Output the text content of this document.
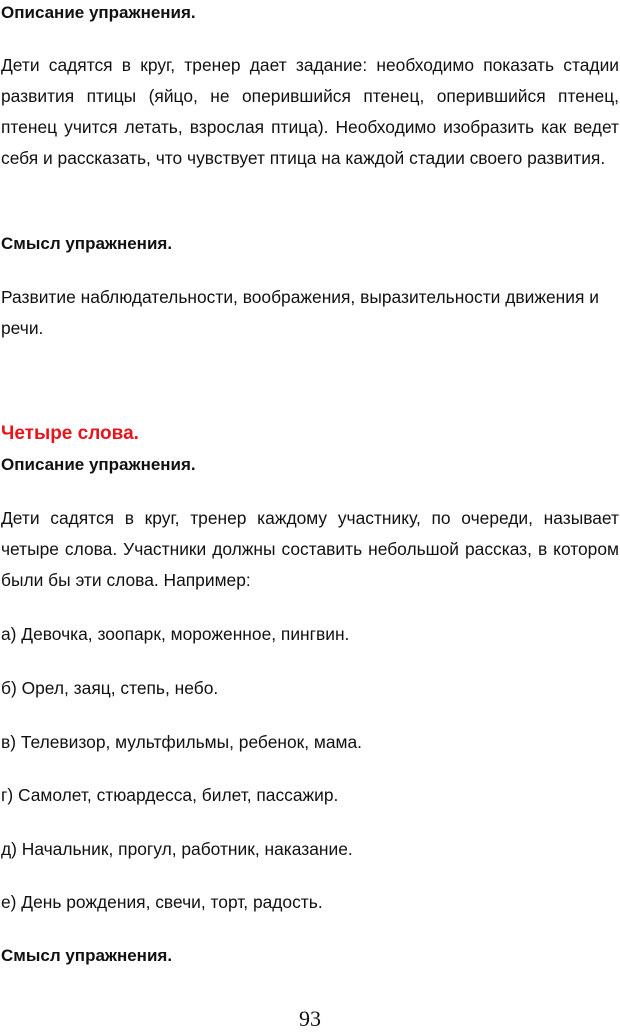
Описание упражнения.

Дети садятся в круг, тренер дает задание: необходимо показать стадии развития птицы (яйцо, не оперившийся птенец, оперившийся птенец, птенец учится летать, взрослая птица). Необходимо изобразить как ведет себя и рассказать, что чувствует птица на каждой стадии своего развития.

Смысл упражнения.

Развитие наблюдательности, воображения, выразительности движения и речи.

Четыре слова.
Описание упражнения.

Дети садятся в круг, тренер каждому участнику, по очереди, называет четыре слова. Участники должны составить небольшой рассказ, в котором были бы эти слова. Например:

а) Девочка, зоопарк, мороженное, пингвин.
б) Орел, заяц, степь, небо.
в) Телевизор, мультфильмы, ребенок, мама.
г) Самолет, стюардесса, билет, пассажир.
д) Начальник, прогул, работник, наказание.
е) День рождения, свечи, торт, радость.
Смысл упражнения.
93
